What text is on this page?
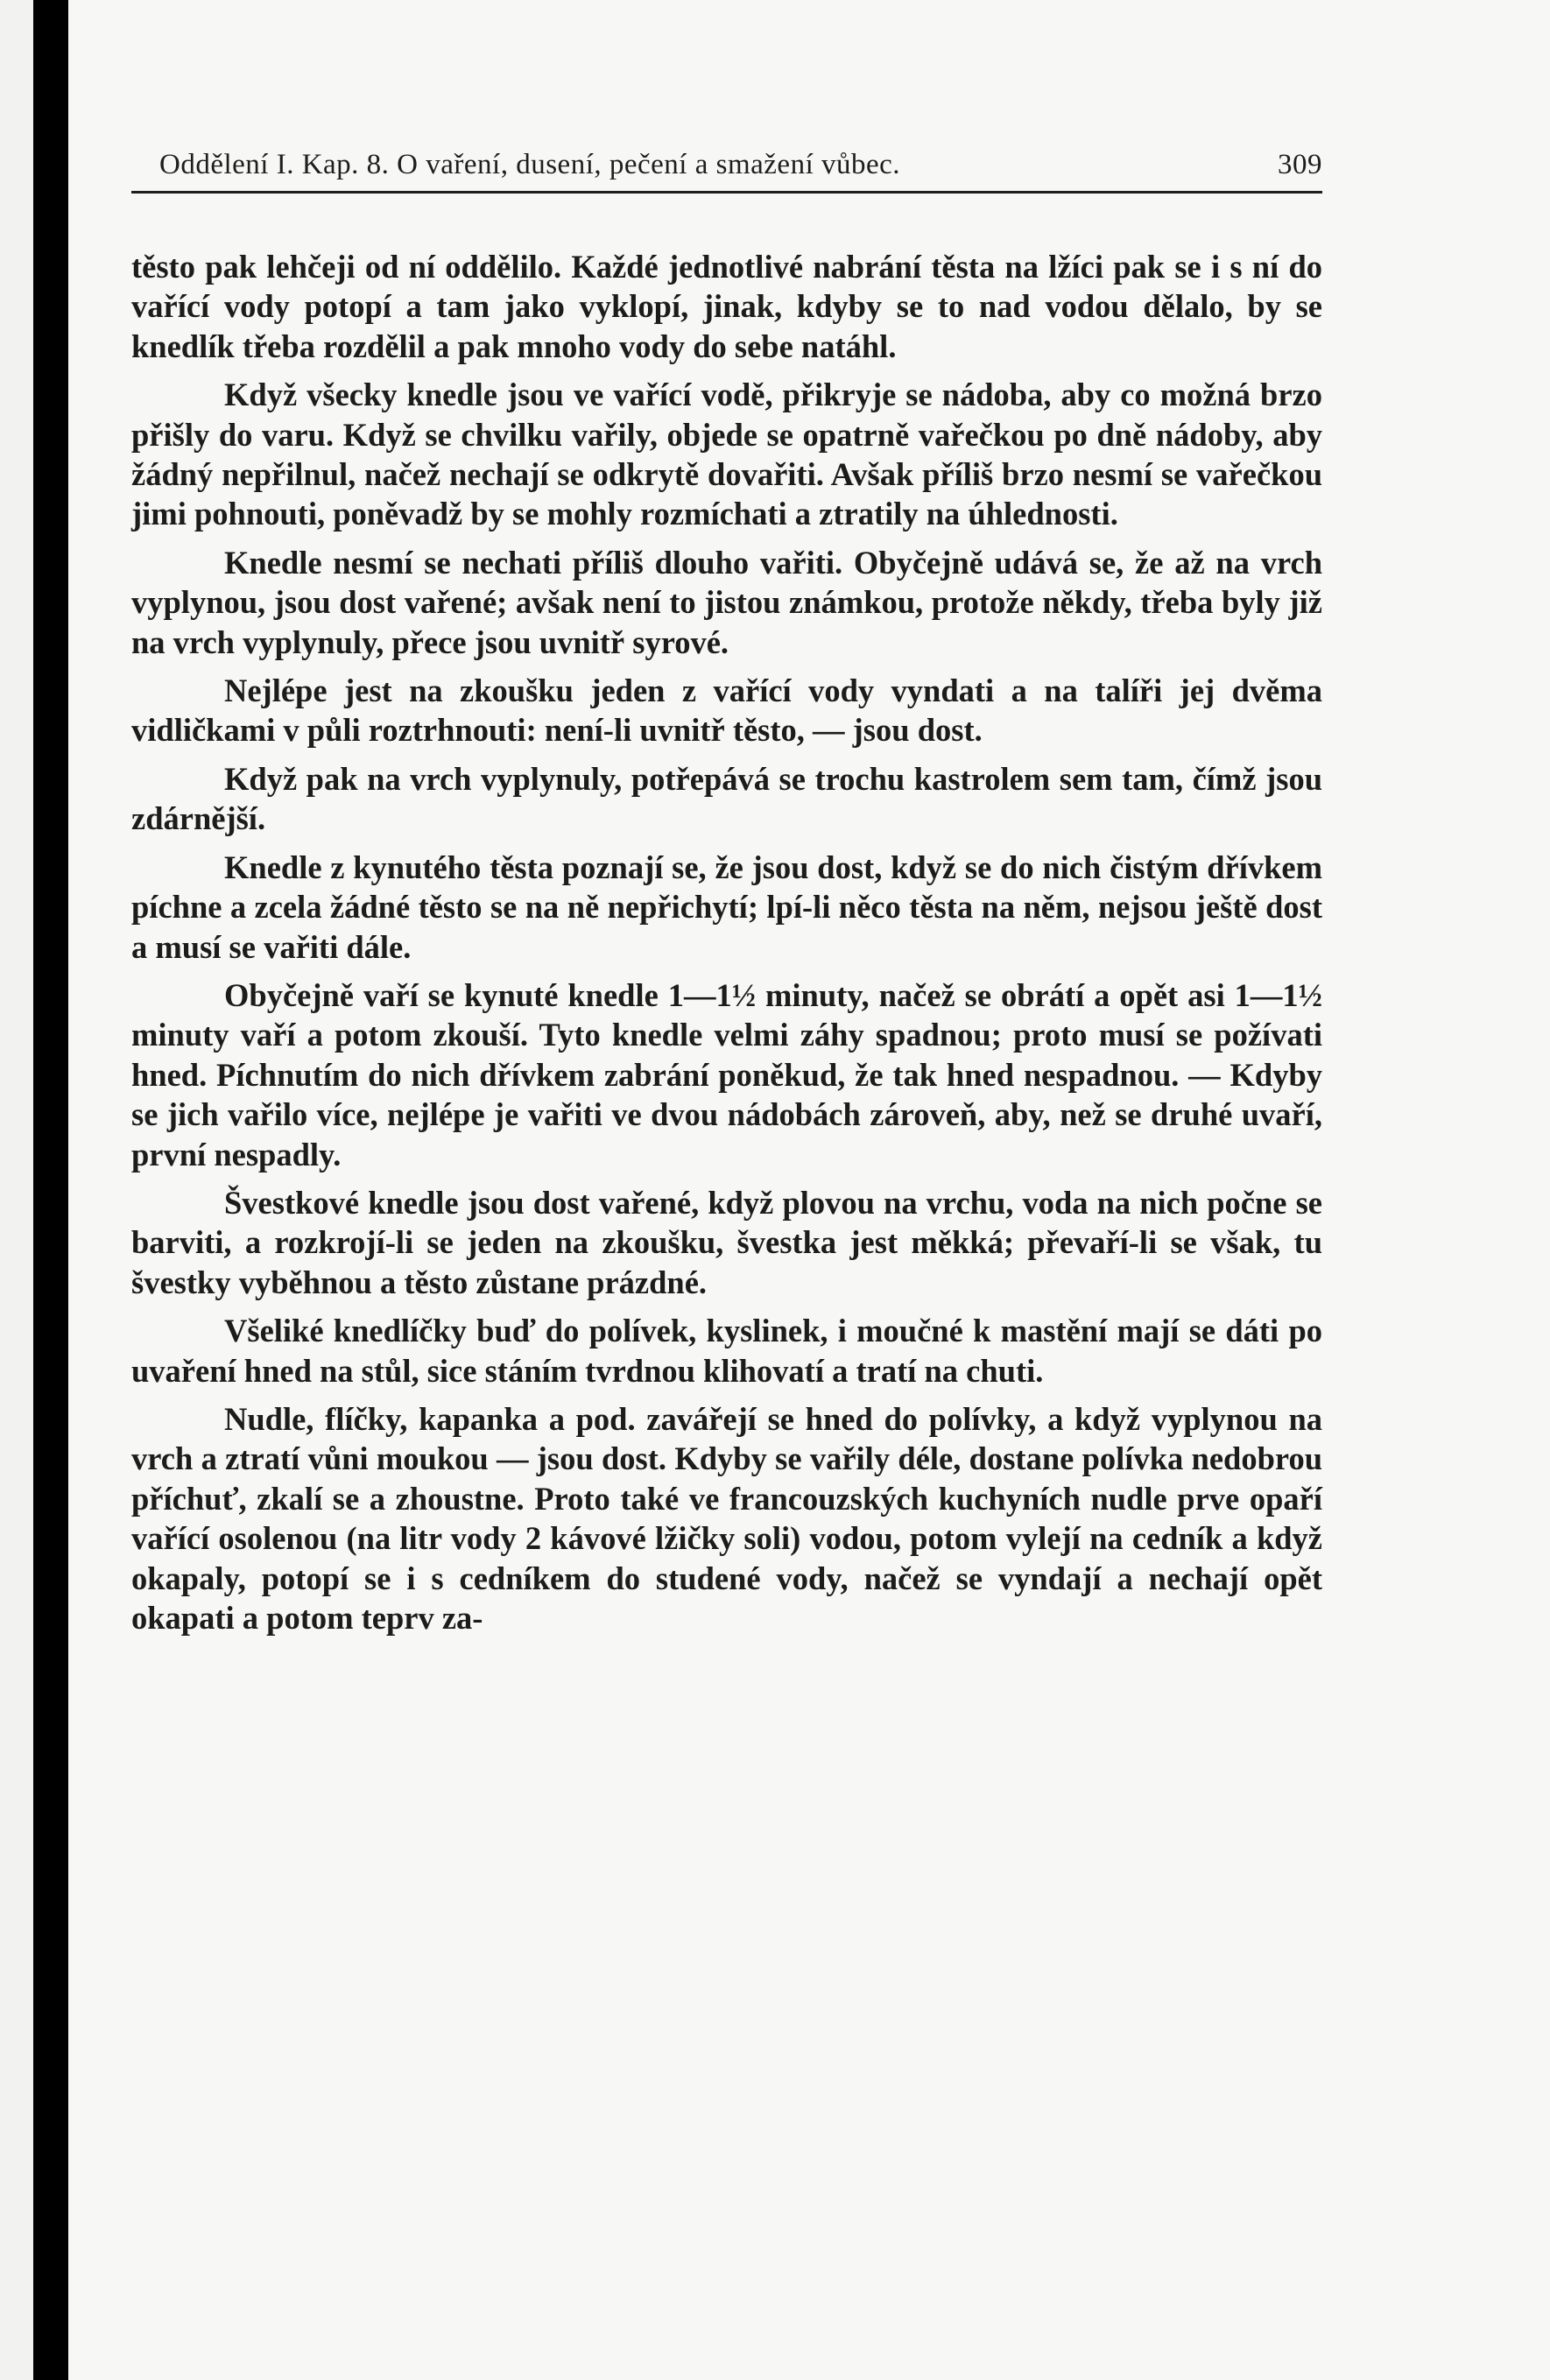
Oddělení I. Kap. 8. O vaření, dusení, pečení a smažení vůbec.	309

těsto pak lehčeji od ní oddělilo. Každé jednotlivé nabrání těsta na lžíci pak se i s ní do vařící vody potopí a tam jako vyklopí, jinak, kdyby se to nad vodou dělalo, by se knedlík třeba rozdělil a pak mnoho vody do sebe natáhl.

Když všecky knedle jsou ve vařící vodě, přikryje se nádoba, aby co možná brzo přišly do varu. Když se chvilku vařily, objede se opatrně vařečkou po dně nádoby, aby žádný nepřilnul, načež nechají se odkrytě dovařiti. Avšak příliš brzo nesmí se vařečkou jimi pohnouti, poněvadž by se mohly rozmíchati a ztratily na úhlednosti.

Knedle nesmí se nechati příliš dlouho vařiti. Obyčejně udává se, že až na vrch vyplynou, jsou dost vařené; avšak není to jistou známkou, protože někdy, třeba byly již na vrch vyplynuly, přece jsou uvnitř syrové.

Nejlépe jest na zkoušku jeden z vařící vody vyndati a na talíři jej dvěma vidličkami v půli roztrhnouti: není-li uvnitř těsto, — jsou dost.

Když pak na vrch vyplynuly, potřepává se trochu kastrolem sem tam, čímž jsou zdárnější.

Knedle z kynutého těsta poznají se, že jsou dost, když se do nich čistým dřívkem píchne a zcela žádné těsto se na ně nepřichytí; lpí-li něco těsta na něm, nejsou ještě dost a musí se vařiti dále.

Obyčejně vaří se kynuté knedle 1—1½ minuty, načež se obrátí a opět asi 1—1½ minuty vaří a potom zkouší. Tyto knedle velmi záhy spadnou; proto musí se požívati hned. Píchnutím do nich dřívkem zabrání poněkud, že tak hned nespadnou. — Kdyby se jich vařilo více, nejlépe je vařiti ve dvou nádobách zároveň, aby, než se druhé uvaří, první nespadly.

Švestkové knedle jsou dost vařené, když plovou na vrchu, voda na nich počne se barviti, a rozkrojí-li se jeden na zkoušku, švestka jest měkká; převaří-li se však, tu švestky vyběhnou a těsto zůstane prázdné.

Všeliké knedlíčky buď do polívek, kyslinek, i moučné k mastění mají se dáti po uvaření hned na stůl, sice stáním tvrdnou klihovatí a tratí na chuti.

Nudle, flíčky, kapanka a pod. zavářejí se hned do polívky, a když vyplynou na vrch a ztratí vůni moukou — jsou dost. Kdyby se vařily déle, dostane polívka nedobrou příchuť, zkalí se a zhoustne. Proto také ve francouzských kuchyních nudle prve opaří vařící osolenou (na litr vody 2 kávové lžičky soli) vodou, potom vylejí na cedník a když okapaly, potopí se i s cedníkem do studené vody, načež se vyndají a nechají opět okapati a potom teprv za-
